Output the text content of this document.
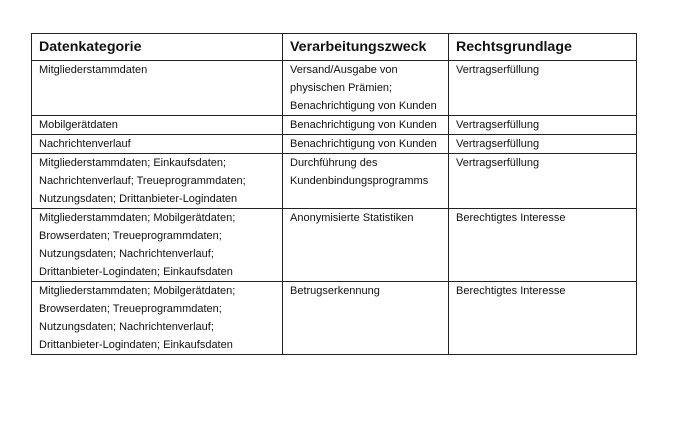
Datenkategorie	Verarbeitungszweck	Rechtsgrundlage
Mitgliederstammdaten	Versand/Ausgabe von physischen Prämien; Benachrichtigung von Kunden	Vertragserfüllung
Mobilgerätdaten	Benachrichtigung von Kunden	Vertragserfüllung
Nachrichtenverlauf	Benachrichtigung von Kunden	Vertragserfüllung
Mitgliederstammdaten; Einkaufsdaten; Nachrichtenverlauf; Treueprogrammdaten; Nutzungsdaten; Drittanbieter-Logindaten	Durchführung des Kundenbindungsprogramms	Vertragserfüllung
Mitgliederstammdaten; Mobilgerätdaten; Browserdaten; Treueprogrammdaten; Nutzungsdaten; Nachrichtenverlauf; Drittanbieter-Logindaten; Einkaufsdaten	Anonymisierte Statistiken	Berechtigtes Interesse
Mitgliederstammdaten; Mobilgerätdaten; Browserdaten; Treueprogrammdaten; Nutzungsdaten; Nachrichtenverlauf; Drittanbieter-Logindaten; Einkaufsdaten	Betrugserkennung	Berechtigtes Interesse
